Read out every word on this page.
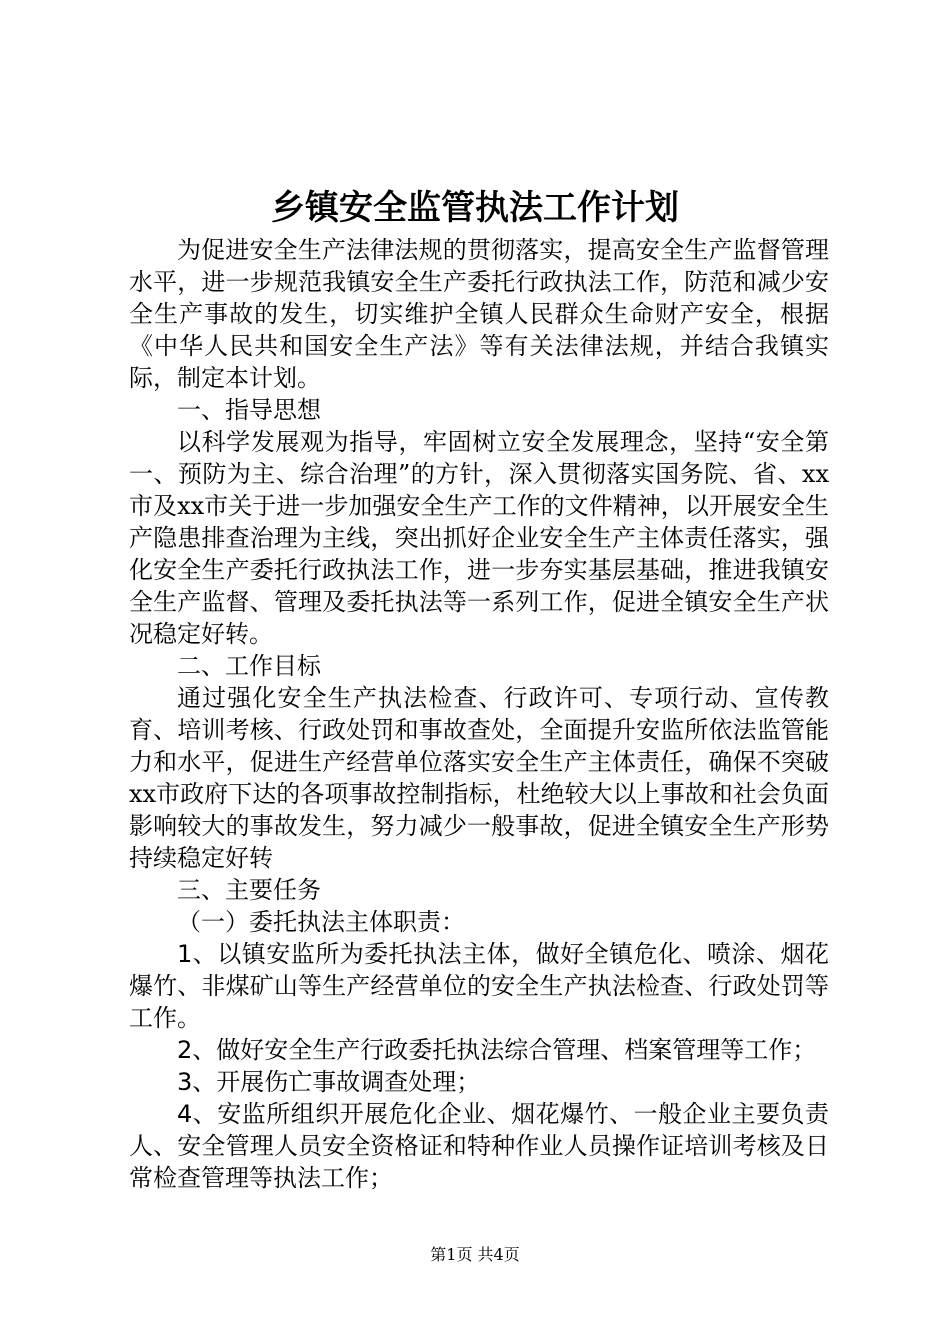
乡镇安全监管执法工作计划

为促进安全生产法律法规的贯彻落实，提高安全生产监督管理水平，进一步规范我镇安全生产委托行政执法工作，防范和减少安全生产事故的发生，切实维护全镇人民群众生命财产安全，根据《中华人民共和国安全生产法》等有关法律法规，并结合我镇实际，制定本计划。

一、指导思想

以科学发展观为指导，牢固树立安全发展理念，坚持“安全第一、预防为主、综合治理”的方针，深入贯彻落实国务院、省、xx市及xx市关于进一步加强安全生产工作的文件精神，以开展安全生产隐患排查治理为主线，突出抓好企业安全生产主体责任落实，强化安全生产委托行政执法工作，进一步夯实基层基础，推进我镇安全生产监督、管理及委托执法等一系列工作，促进全镇安全生产状况稳定好转。

二、工作目标

通过强化安全生产执法检查、行政许可、专项行动、宣传教育、培训考核、行政处罚和事故查处，全面提升安监所依法监管能力和水平，促进生产经营单位落实安全生产主体责任，确保不突破xx市政府下达的各项事故控制指标，杜绝较大以上事故和社会负面影响较大的事故发生，努力减少一般事故，促进全镇安全生产形势持续稳定好转

三、主要任务

（一）委托执法主体职责：

1、以镇安监所为委托执法主体，做好全镇危化、喷涂、烟花爆竹、非煤矿山等生产经营单位的安全生产执法检查、行政处罚等工作。

2、做好安全生产行政委托执法综合管理、档案管理等工作；

3、开展伤亡事故调查处理；

4、安监所组织开展危化企业、烟花爆竹、一般企业主要负责人、安全管理人员安全资格证和特种作业人员操作证培训考核及日常检查管理等执法工作；

第1页 共4页
